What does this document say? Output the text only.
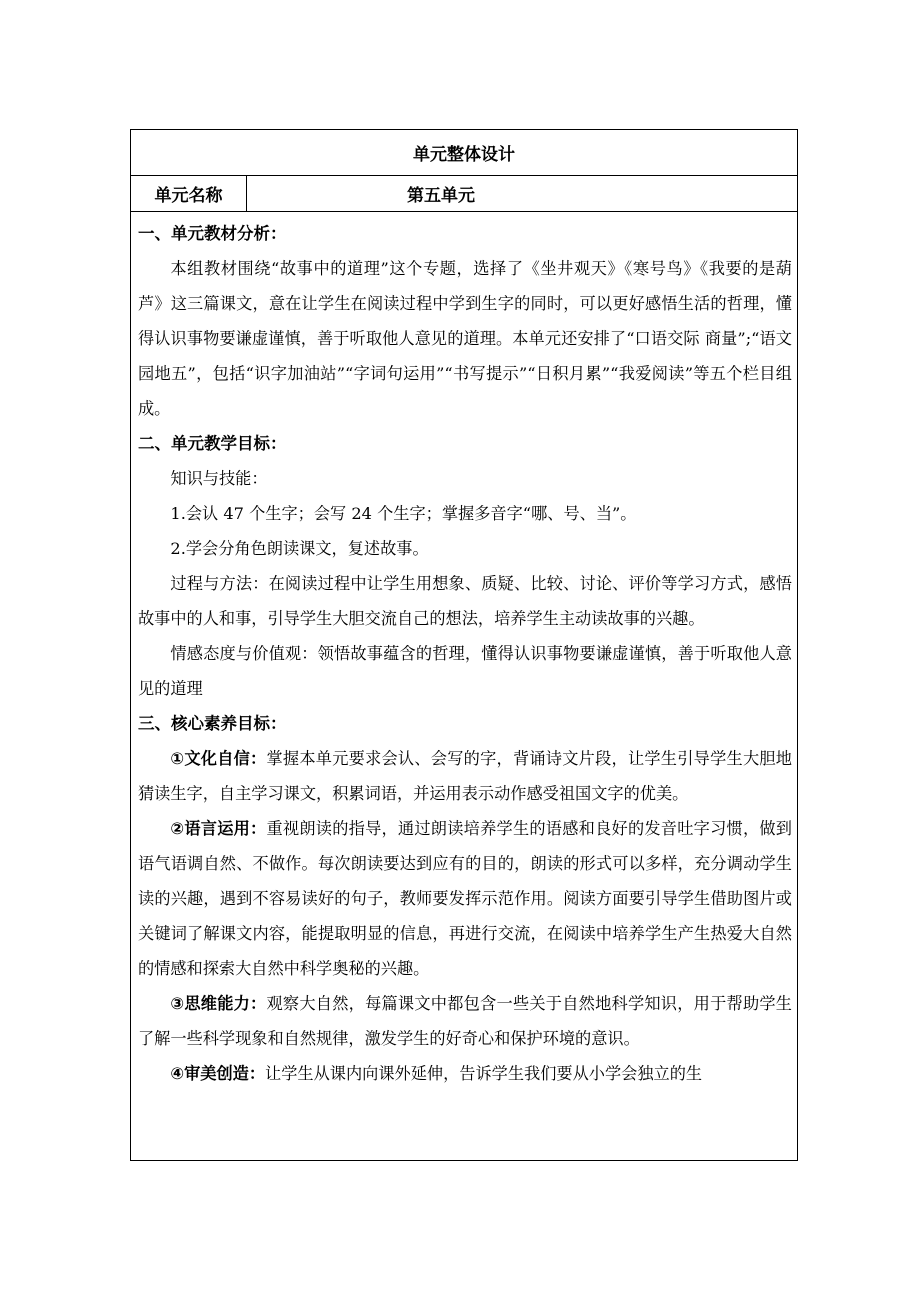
单元整体设计
单元名称	第五单元
一、单元教材分析：
本组教材围绕“故事中的道理”这个专题，选择了《坐井观天》《寒号鸟》《我要的是葫芦》这三篇课文，意在让学生在阅读过程中学到生字的同时，可以更好感悟生活的哲理，懂得认识事物要谦虚谨慎，善于听取他人意见的道理。本单元还安排了“口语交际 商量”;“语文园地五”，包括“识字加油站”“字词句运用”“书写提示”“日积月累”“我爱阅读”等五个栏目组成。
二、单元教学目标：
知识与技能：
1.会认 47 个生字；会写 24 个生字；掌握多音字“哪、号、当”。
2.学会分角色朗读课文，复述故事。
过程与方法：在阅读过程中让学生用想象、质疑、比较、讨论、评价等学习方式，感悟故事中的人和事，引导学生大胆交流自己的想法，培养学生主动读故事的兴趣。
情感态度与价值观：领悟故事蕴含的哲理，懂得认识事物要谦虚谨慎，善于听取他人意见的道理
三、核心素养目标：
①文化自信：掌握本单元要求会认、会写的字，背诵诗文片段，让学生引导学生大胆地猜读生字，自主学习课文，积累词语，并运用表示动作感受祖国文字的优美。
②语言运用：重视朗读的指导，通过朗读培养学生的语感和良好的发音吐字习惯，做到语气语调自然、不做作。每次朗读要达到应有的目的，朗读的形式可以多样，充分调动学生读的兴趣，遇到不容易读好的句子，教师要发挥示范作用。阅读方面要引导学生借助图片或关键词了解课文内容，能提取明显的信息，再进行交流，在阅读中培养学生产生热爱大自然的情感和探索大自然中科学奥秘的兴趣。
③思维能力：观察大自然，每篇课文中都包含一些关于自然地科学知识，用于帮助学生了解一些科学现象和自然规律，激发学生的好奇心和保护环境的意识。
④审美创造：让学生从课内向课外延伸，告诉学生我们要从小学会独立的生
